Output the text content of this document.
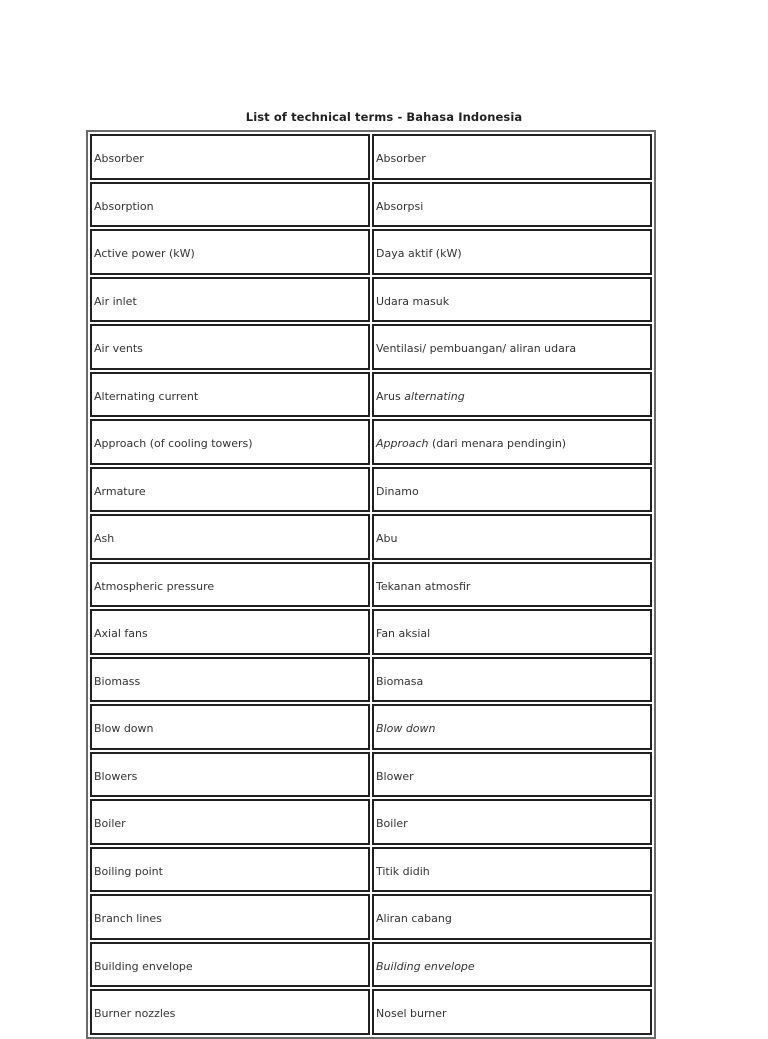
List of technical terms - Bahasa Indonesia
Absorber	Absorber
Absorption	Absorpsi
Active power (kW)	Daya aktif (kW)
Air inlet	Udara masuk
Air vents	Ventilasi/ pembuangan/ aliran udara
Alternating current	Arus alternating
Approach (of cooling towers)	Approach (dari menara pendingin)
Armature	Dinamo
Ash	Abu
Atmospheric pressure	Tekanan atmosfir
Axial fans	Fan aksial
Biomass	Biomasa
Blow down	Blow down
Blowers	Blower
Boiler	Boiler
Boiling point	Titik didih
Branch lines	Aliran cabang
Building envelope	Building envelope
Burner nozzles	Nosel burner
